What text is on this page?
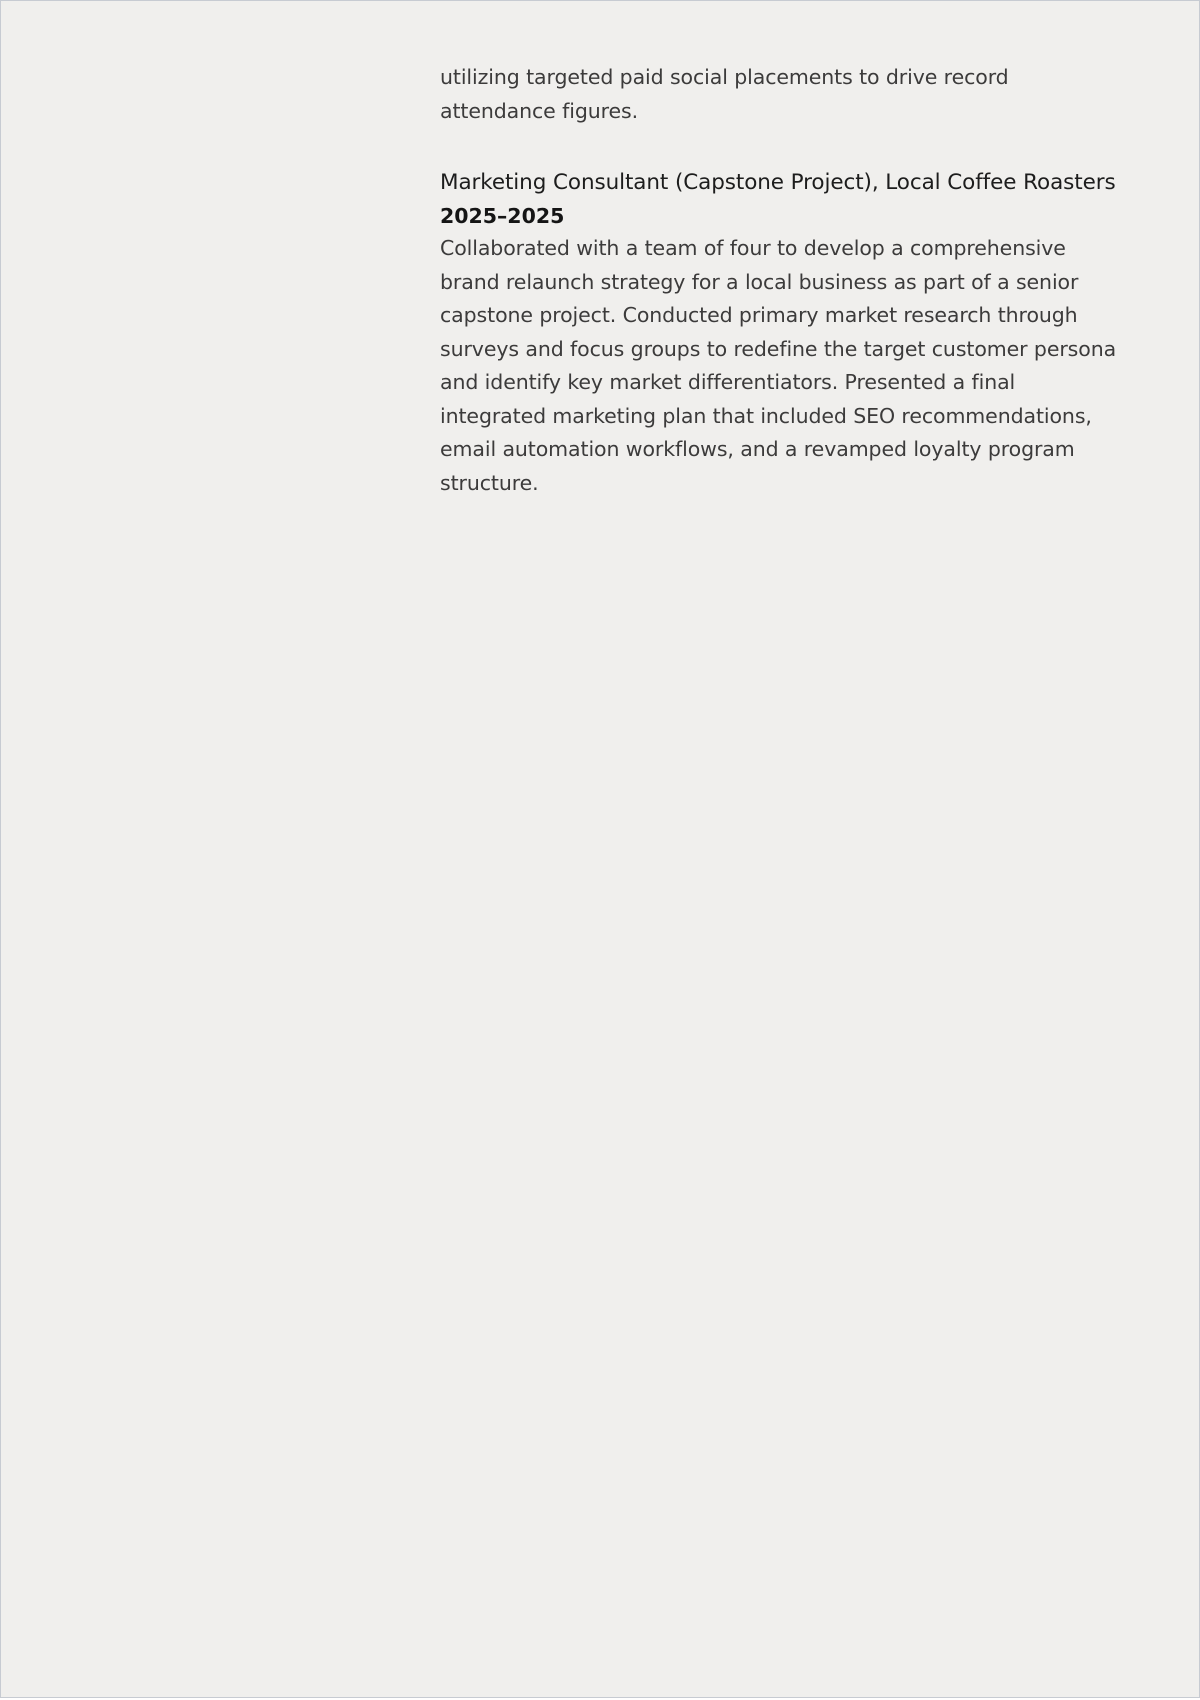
utilizing targeted paid social placements to drive record attendance figures.

Marketing Consultant (Capstone Project), Local Coffee Roasters

2025–2025

Collaborated with a team of four to develop a comprehensive brand relaunch strategy for a local business as part of a senior capstone project. Conducted primary market research through surveys and focus groups to redefine the target customer persona and identify key market differentiators. Presented a final integrated marketing plan that included SEO recommendations, email automation workflows, and a revamped loyalty program structure.
